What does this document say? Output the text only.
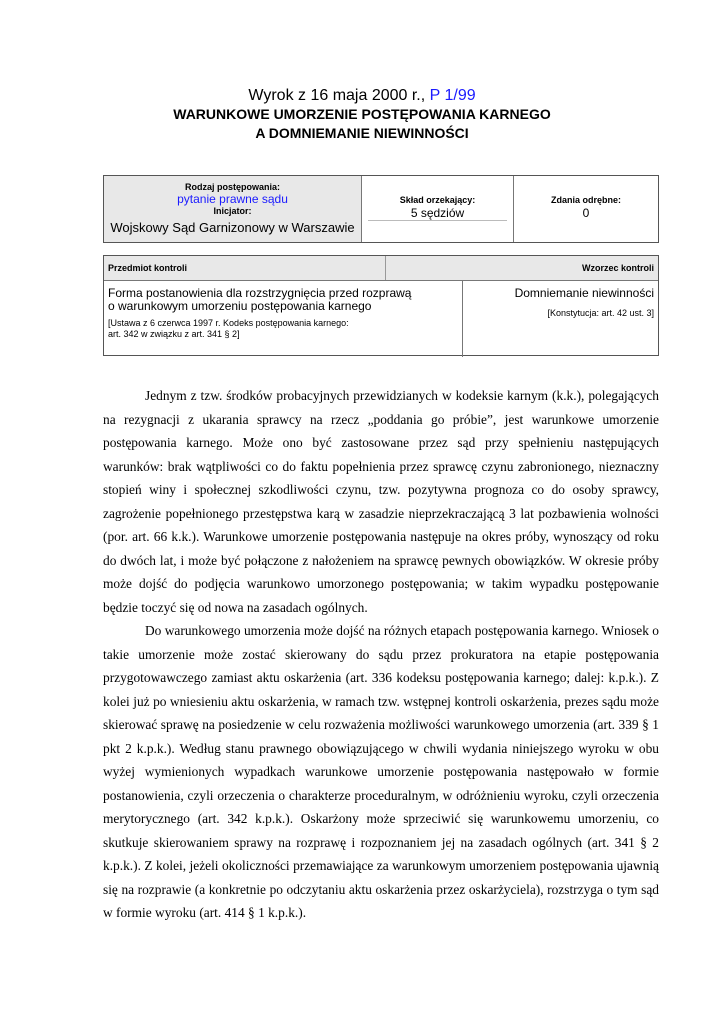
Wyrok z 16 maja 2000 r., P 1/99
WARUNKOWE UMORZENIE POSTĘPOWANIA KARNEGO
A DOMNIEMANIE NIEWINNOŚCI
Rodzaj postępowania:
pytanie prawne sądu
Inicjator:
Wojskowy Sąd Garnizonowy w Warszawie
Skład orzekający:
5 sędziów
Zdania odrębne:
0
Przedmiot kontroli	Wzorzec kontroli
Forma postanowienia dla rozstrzygnięcia przed rozprawą
o warunkowym umorzeniu postępowania karnego
[Ustawa z 6 czerwca 1997 r. Kodeks postępowania karnego:
art. 342 w związku z art. 341 § 2]
Domniemanie niewinności
[Konstytucja: art. 42 ust. 3]

Jednym z tzw. środków probacyjnych przewidzianych w kodeksie karnym (k.k.), polegających na rezygnacji z ukarania sprawcy na rzecz „poddania go próbie”, jest warunkowe umorzenie postępowania karnego. Może ono być zastosowane przez sąd przy spełnieniu następujących warunków: brak wątpliwości co do faktu popełnienia przez sprawcę czynu zabronionego, nieznaczny stopień winy i społecznej szkodliwości czynu, tzw. pozytywna prognoza co do osoby sprawcy, zagrożenie popełnionego przestępstwa karą w zasadzie nieprzekraczającą 3 lat pozbawienia wolności (por. art. 66 k.k.). Warunkowe umorzenie postępowania następuje na okres próby, wynoszący od roku do dwóch lat, i może być połączone z nałożeniem na sprawcę pewnych obowiązków. W okresie próby może dojść do podjęcia warunkowo umorzonego postępowania; w takim wypadku postępowanie będzie toczyć się od nowa na zasadach ogólnych.

Do warunkowego umorzenia może dojść na różnych etapach postępowania karnego. Wniosek o takie umorzenie może zostać skierowany do sądu przez prokuratora na etapie postępowania przygotowawczego zamiast aktu oskarżenia (art. 336 kodeksu postępowania karnego; dalej: k.p.k.). Z kolei już po wniesieniu aktu oskarżenia, w ramach tzw. wstępnej kontroli oskarżenia, prezes sądu może skierować sprawę na posiedzenie w celu rozważenia możliwości warunkowego umorzenia (art. 339 § 1 pkt 2 k.p.k.). Według stanu prawnego obowiązującego w chwili wydania niniejszego wyroku w obu wyżej wymienionych wypadkach warunkowe umorzenie postępowania następowało w formie postanowienia, czyli orzeczenia o charakterze proceduralnym, w odróżnieniu wyroku, czyli orzeczenia merytorycznego (art. 342 k.p.k.). Oskarżony może sprzeciwić się warunkowemu umorzeniu, co skutkuje skierowaniem sprawy na rozprawę i rozpoznaniem jej na zasadach ogólnych (art. 341 § 2 k.p.k.). Z kolei, jeżeli okoliczności przemawiające za warunkowym umorzeniem postępowania ujawnią się na rozprawie (a konkretnie po odczytaniu aktu oskarżenia przez oskarżyciela), rozstrzyga o tym sąd w formie wyroku (art. 414 § 1 k.p.k.).
